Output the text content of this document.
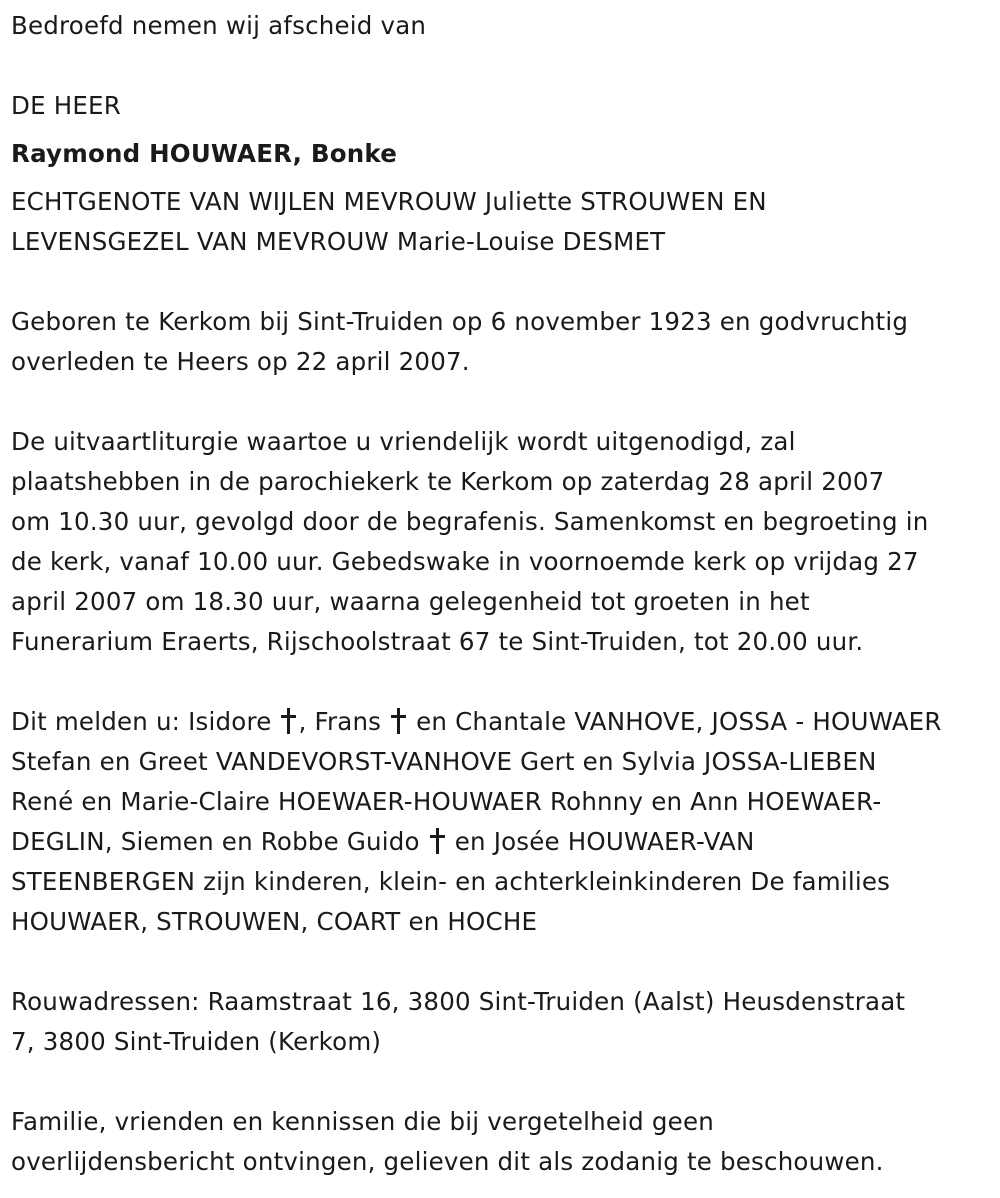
Bedroefd nemen wij afscheid van

DE HEER

Raymond HOUWAER, Bonke

ECHTGENOTE VAN WIJLEN MEVROUW Juliette STROUWEN EN

LEVENSGEZEL VAN MEVROUW Marie-Louise DESMET

Geboren te Kerkom bij Sint-Truiden op 6 november 1923 en godvruchtig

overleden te Heers op 22 april 2007.

De uitvaartliturgie waartoe u vriendelijk wordt uitgenodigd, zal

plaatshebben in de parochiekerk te Kerkom op zaterdag 28 april 2007

om 10.30 uur, gevolgd door de begrafenis. Samenkomst en begroeting in

de kerk, vanaf 10.00 uur. Gebedswake in voornoemde kerk op vrijdag 27

april 2007 om 18.30 uur, waarna gelegenheid tot groeten in het

Funerarium Eraerts, Rijschoolstraat 67 te Sint-Truiden, tot 20.00 uur.

Dit melden u: Isidore , Frans  en Chantale VANHOVE, JOSSA - HOUWAER

Stefan en Greet VANDEVORST-VANHOVE Gert en Sylvia JOSSA-LIEBEN

René en Marie-Claire HOEWAER-HOUWAER Rohnny en Ann HOEWAER-

DEGLIN, Siemen en Robbe Guido  en Josée HOUWAER-VAN

STEENBERGEN zijn kinderen, klein- en achterkleinkinderen De families

HOUWAER, STROUWEN, COART en HOCHE

Rouwadressen: Raamstraat 16, 3800 Sint-Truiden (Aalst) Heusdenstraat

7, 3800 Sint-Truiden (Kerkom)

Familie, vrienden en kennissen die bij vergetelheid geen

overlijdensbericht ontvingen, gelieven dit als zodanig te beschouwen.
